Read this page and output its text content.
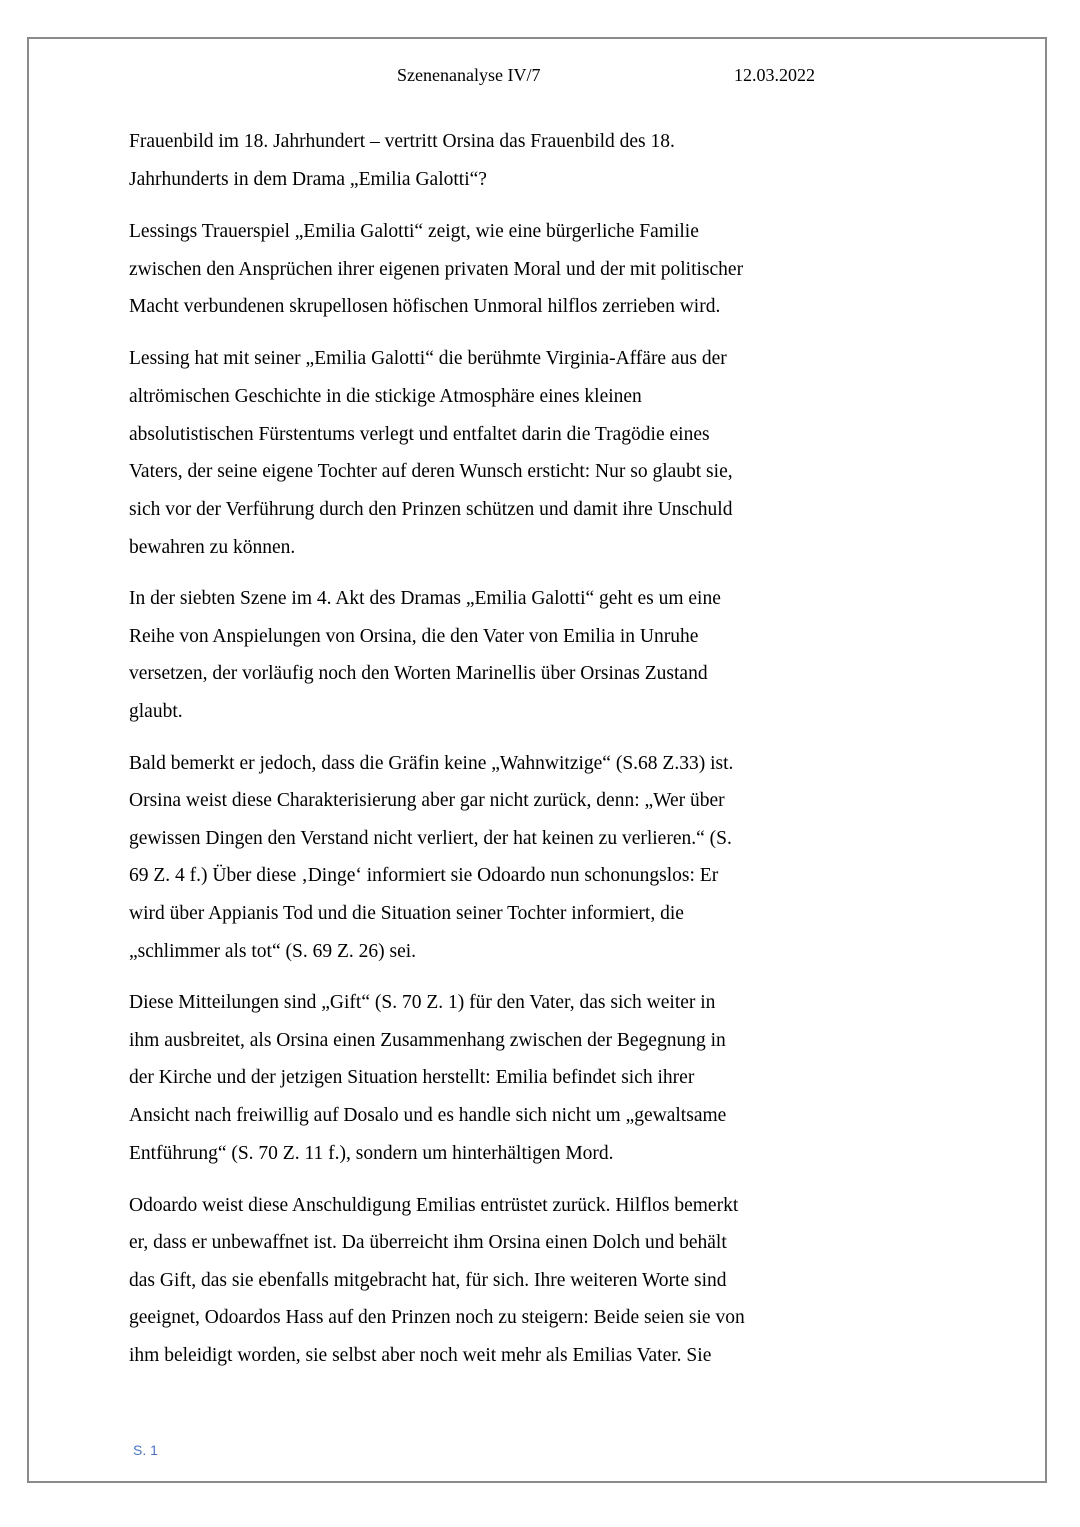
Szenenanalyse IV/7	12.03.2022
Frauenbild im 18. Jahrhundert – vertritt Orsina das Frauenbild des 18.
Jahrhunderts in dem Drama „Emilia Galotti“?
Lessings Trauerspiel „Emilia Galotti“ zeigt, wie eine bürgerliche Familie
zwischen den Ansprüchen ihrer eigenen privaten Moral und der mit politischer
Macht verbundenen skrupellosen höfischen Unmoral hilflos zerrieben wird.
Lessing hat mit seiner „Emilia Galotti“ die berühmte Virginia-Affäre aus der
altrömischen Geschichte in die stickige Atmosphäre eines kleinen
absolutistischen Fürstentums verlegt und entfaltet darin die Tragödie eines
Vaters, der seine eigene Tochter auf deren Wunsch ersticht: Nur so glaubt sie,
sich vor der Verführung durch den Prinzen schützen und damit ihre Unschuld
bewahren zu können.
In der siebten Szene im 4. Akt des Dramas „Emilia Galotti“ geht es um eine
Reihe von Anspielungen von Orsina, die den Vater von Emilia in Unruhe
versetzen, der vorläufig noch den Worten Marinellis über Orsinas Zustand
glaubt.
Bald bemerkt er jedoch, dass die Gräfin keine „Wahnwitzige“ (S.68 Z.33) ist.
Orsina weist diese Charakterisierung aber gar nicht zurück, denn: „Wer über
gewissen Dingen den Verstand nicht verliert, der hat keinen zu verlieren.“ (S.
69 Z. 4 f.) Über diese ‚Dinge‘ informiert sie Odoardo nun schonungslos: Er
wird über Appianis Tod und die Situation seiner Tochter informiert, die
„schlimmer als tot“ (S. 69 Z. 26) sei.
Diese Mitteilungen sind „Gift“ (S. 70 Z. 1) für den Vater, das sich weiter in
ihm ausbreitet, als Orsina einen Zusammenhang zwischen der Begegnung in
der Kirche und der jetzigen Situation herstellt: Emilia befindet sich ihrer
Ansicht nach freiwillig auf Dosalo und es handle sich nicht um „gewaltsame
Entführung“ (S. 70 Z. 11 f.), sondern um hinterhältigen Mord.
Odoardo weist diese Anschuldigung Emilias entrüstet zurück. Hilflos bemerkt
er, dass er unbewaffnet ist. Da überreicht ihm Orsina einen Dolch und behält
das Gift, das sie ebenfalls mitgebracht hat, für sich. Ihre weiteren Worte sind
geeignet, Odoardos Hass auf den Prinzen noch zu steigern: Beide seien sie von
ihm beleidigt worden, sie selbst aber noch weit mehr als Emilias Vater. Sie
S. 1
